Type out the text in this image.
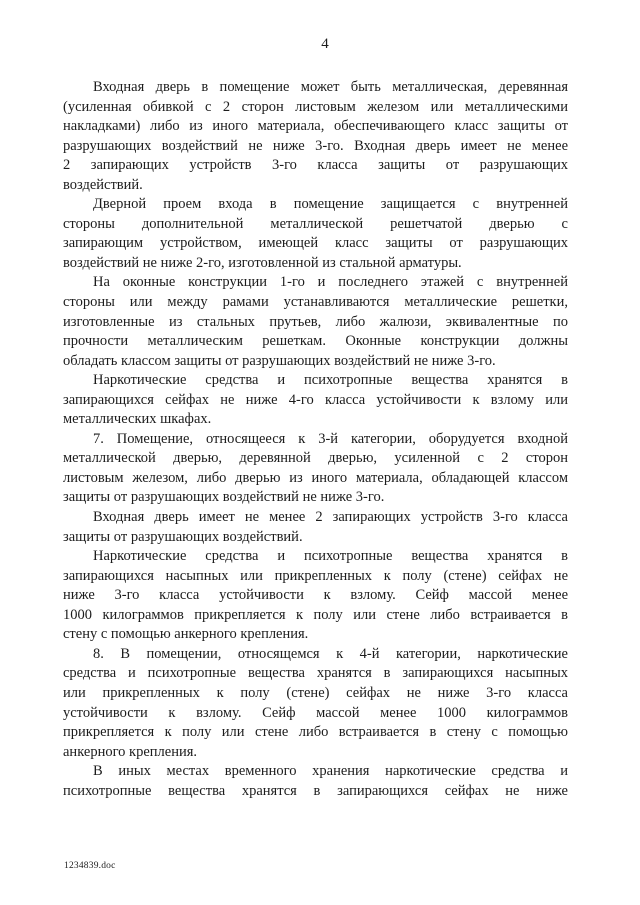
4
Входная дверь в помещение может быть металлическая, деревянная
(усиленная обивкой с 2 сторон листовым железом или металлическими
накладками) либо из иного материала, обеспечивающего класс защиты от
разрушающих воздействий не ниже 3-го. Входная дверь имеет не менее
2 запирающих устройств 3-го класса защиты от разрушающих
воздействий.
Дверной проем входа в помещение защищается с внутренней
стороны дополнительной металлической решетчатой дверью с
запирающим устройством, имеющей класс защиты от разрушающих
воздействий не ниже 2-го, изготовленной из стальной арматуры.
На оконные конструкции 1-го и последнего этажей с внутренней
стороны или между рамами устанавливаются металлические решетки,
изготовленные из стальных прутьев, либо жалюзи, эквивалентные по
прочности металлическим решеткам. Оконные конструкции должны
обладать классом защиты от разрушающих воздействий не ниже 3-го.
Наркотические средства и психотропные вещества хранятся в
запирающихся сейфах не ниже 4-го класса устойчивости к взлому или
металлических шкафах.
7. Помещение, относящееся к 3-й категории, оборудуется входной
металлической дверью, деревянной дверью, усиленной с 2 сторон
листовым железом, либо дверью из иного материала, обладающей классом
защиты от разрушающих воздействий не ниже 3-го.
Входная дверь имеет не менее 2 запирающих устройств 3-го класса
защиты от разрушающих воздействий.
Наркотические средства и психотропные вещества хранятся в
запирающихся насыпных или прикрепленных к полу (стене) сейфах не
ниже 3-го класса устойчивости к взлому. Сейф массой менее
1000 килограммов прикрепляется к полу или стене либо встраивается в
стену с помощью анкерного крепления.
8. В помещении, относящемся к 4-й категории, наркотические
средства и психотропные вещества хранятся в запирающихся насыпных
или прикрепленных к полу (стене) сейфах не ниже 3-го класса
устойчивости к взлому. Сейф массой менее 1000 килограммов
прикрепляется к полу или стене либо встраивается в стену с помощью
анкерного крепления.
В иных местах временного хранения наркотические средства и
психотропные вещества хранятся в запирающихся сейфах не ниже
1234839.doc
